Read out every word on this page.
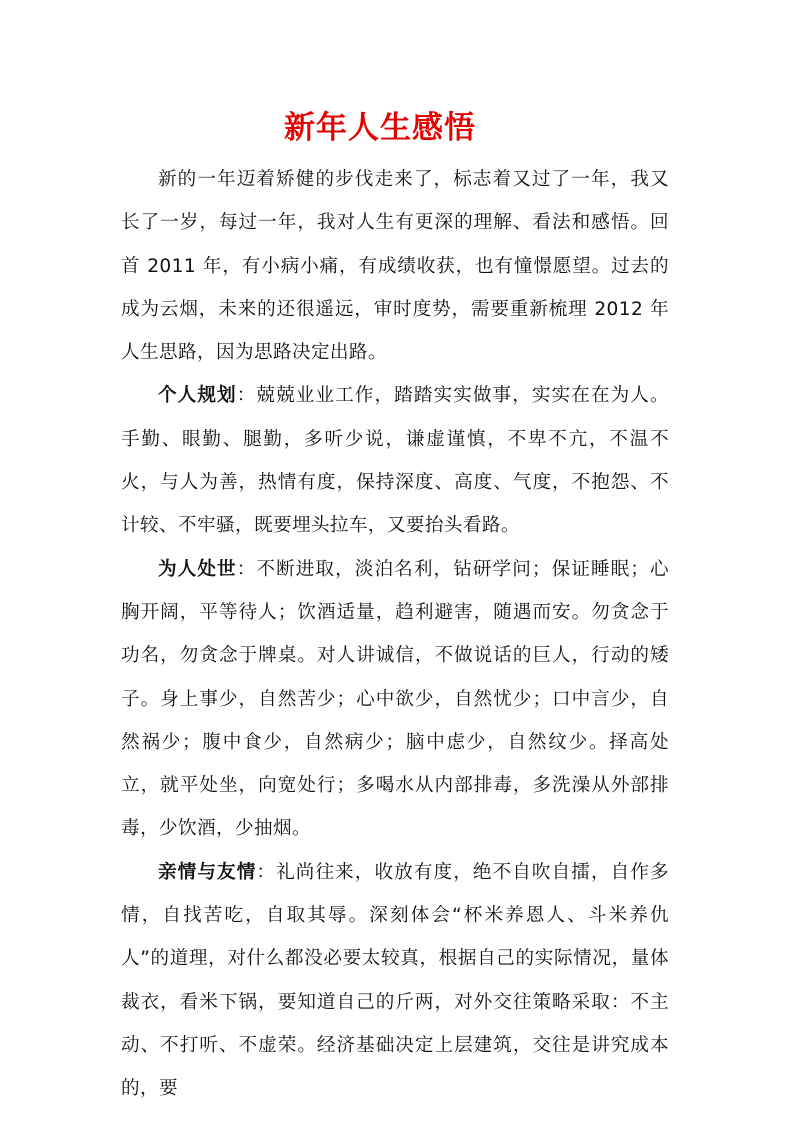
新年人生感悟

新的一年迈着矫健的步伐走来了，标志着又过了一年，我又长了一岁，每过一年，我对人生有更深的理解、看法和感悟。回首 2011 年，有小病小痛，有成绩收获，也有憧憬愿望。过去的成为云烟，未来的还很遥远，审时度势，需要重新梳理 2012 年人生思路，因为思路决定出路。

个人规划：兢兢业业工作，踏踏实实做事，实实在在为人。手勤、眼勤、腿勤，多听少说，谦虚谨慎，不卑不亢，不温不火，与人为善，热情有度，保持深度、高度、气度，不抱怨、不计较、不牢骚，既要埋头拉车，又要抬头看路。

为人处世：不断进取，淡泊名利，钻研学问；保证睡眠；心胸开阔，平等待人；饮酒适量，趋利避害，随遇而安。勿贪念于功名，勿贪念于牌桌。对人讲诚信，不做说话的巨人，行动的矮子。身上事少，自然苦少；心中欲少，自然忧少；口中言少，自然祸少；腹中食少，自然病少；脑中虑少，自然纹少。择高处立，就平处坐，向宽处行；多喝水从内部排毒，多洗澡从外部排毒，少饮酒，少抽烟。

亲情与友情：礼尚往来，收放有度，绝不自吹自擂，自作多情，自找苦吃，自取其辱。深刻体会“杯米养恩人、斗米养仇人”的道理，对什么都没必要太较真，根据自己的实际情况，量体裁衣，看米下锅，要知道自己的斤两，对外交往策略采取：不主动、不打听、不虚荣。经济基础决定上层建筑，交往是讲究成本的，要
